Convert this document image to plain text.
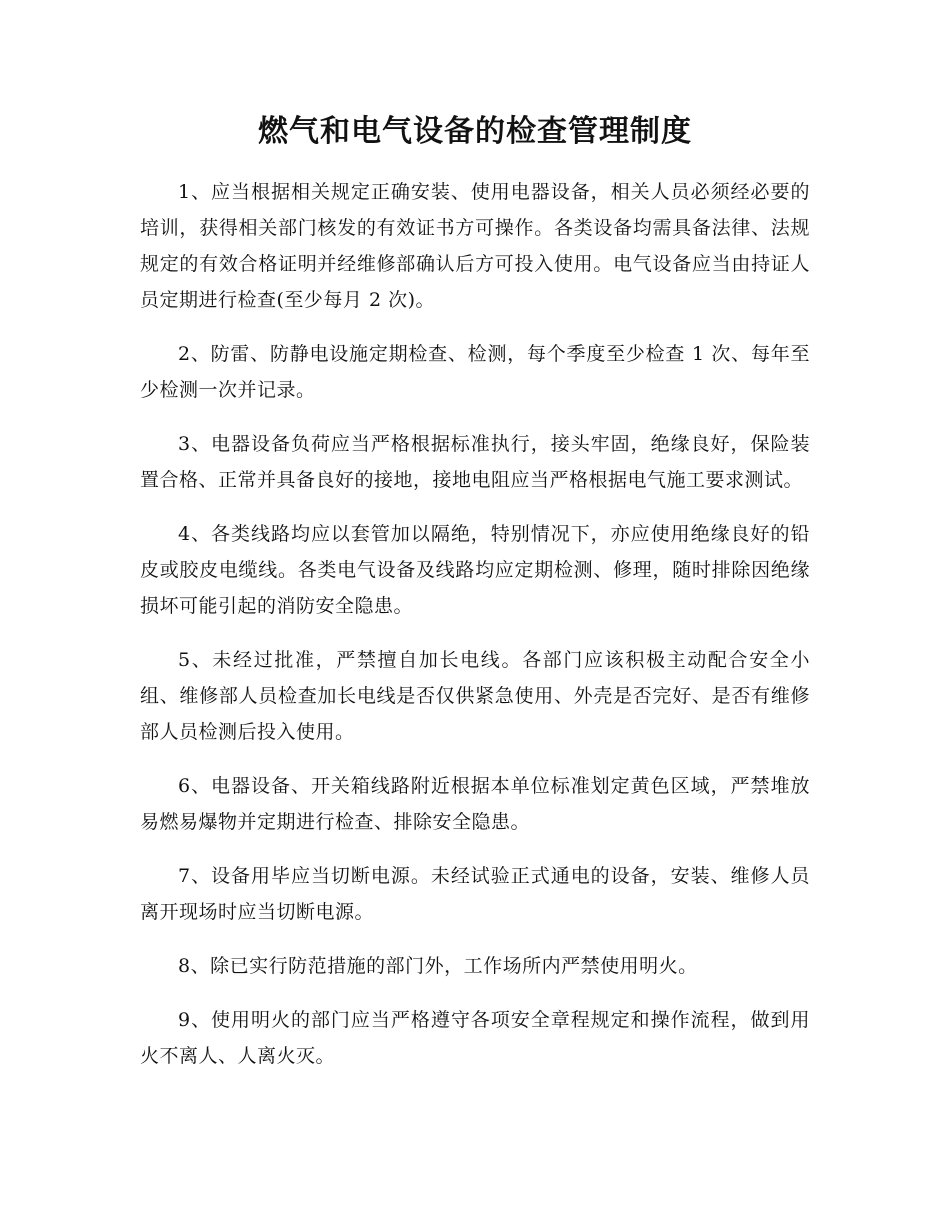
燃气和电气设备的检查管理制度

1、应当根据相关规定正确安装、使用电器设备，相关人员必须经必要的培训，获得相关部门核发的有效证书方可操作。各类设备均需具备法律、法规规定的有效合格证明并经维修部确认后方可投入使用。电气设备应当由持证人员定期进行检查(至少每月 2 次)。

2、防雷、防静电设施定期检查、检测，每个季度至少检查 1 次、每年至少检测一次并记录。

3、电器设备负荷应当严格根据标准执行，接头牢固，绝缘良好，保险装置合格、正常并具备良好的接地，接地电阻应当严格根据电气施工要求测试。

4、各类线路均应以套管加以隔绝，特别情况下，亦应使用绝缘良好的铅皮或胶皮电缆线。各类电气设备及线路均应定期检测、修理，随时排除因绝缘损坏可能引起的消防安全隐患。

5、未经过批准，严禁擅自加长电线。各部门应该积极主动配合安全小组、维修部人员检查加长电线是否仅供紧急使用、外壳是否完好、是否有维修部人员检测后投入使用。

6、电器设备、开关箱线路附近根据本单位标准划定黄色区域，严禁堆放易燃易爆物并定期进行检查、排除安全隐患。

7、设备用毕应当切断电源。未经试验正式通电的设备，安装、维修人员离开现场时应当切断电源。

8、除已实行防范措施的部门外，工作场所内严禁使用明火。

9、使用明火的部门应当严格遵守各项安全章程规定和操作流程，做到用火不离人、人离火灭。
